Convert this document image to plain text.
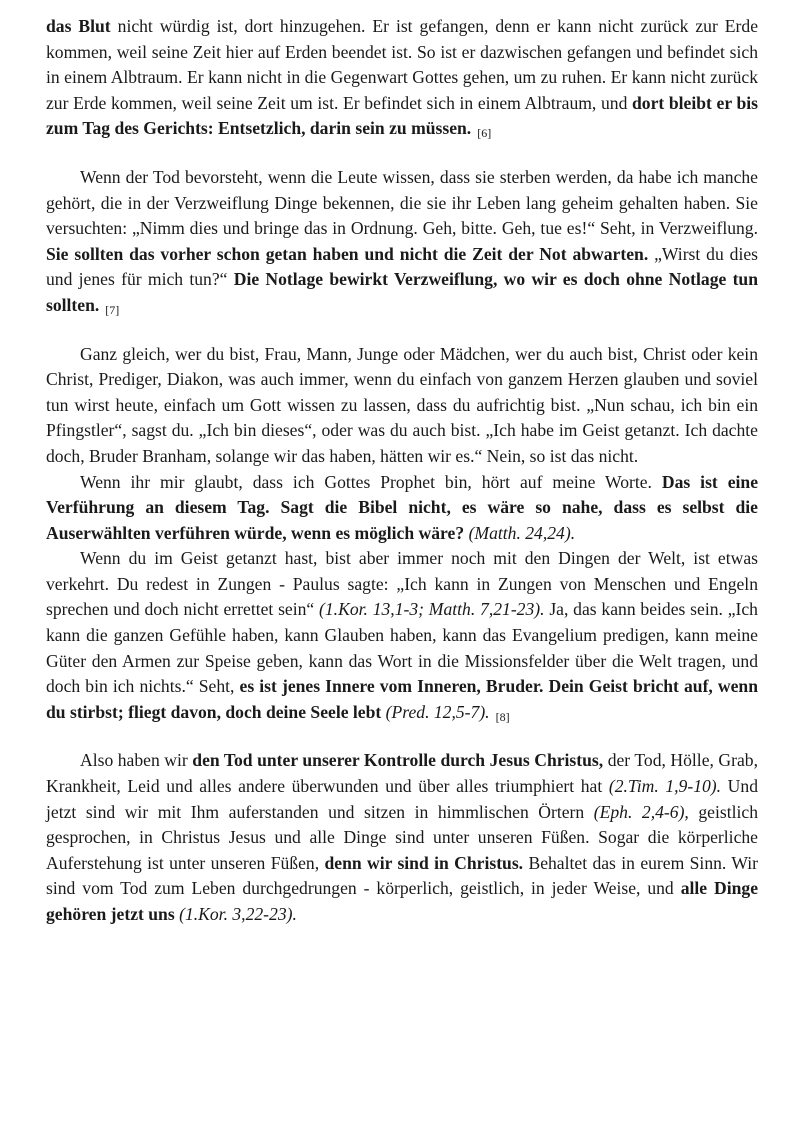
das Blut nicht würdig ist, dort hinzugehen. Er ist gefangen, denn er kann nicht zurück zur Erde kommen, weil seine Zeit hier auf Erden beendet ist. So ist er dazwischen gefangen und befindet sich in einem Albtraum. Er kann nicht in die Gegenwart Gottes gehen, um zu ruhen. Er kann nicht zurück zur Erde kommen, weil seine Zeit um ist. Er befindet sich in einem Albtraum, und dort bleibt er bis zum Tag des Gerichts: Entsetzlich, darin sein zu müssen. [6]

Wenn der Tod bevorsteht, wenn die Leute wissen, dass sie sterben werden, da habe ich manche gehört, die in der Verzweiflung Dinge bekennen, die sie ihr Leben lang geheim gehalten haben. Sie versuchten: „Nimm dies und bringe das in Ordnung. Geh, bitte. Geh, tue es!“ Seht, in Verzweiflung. Sie sollten das vorher schon getan haben und nicht die Zeit der Not abwarten. „Wirst du dies und jenes für mich tun?“ Die Notlage bewirkt Verzweiflung, wo wir es doch ohne Notlage tun sollten. [7]

Ganz gleich, wer du bist, Frau, Mann, Junge oder Mädchen, wer du auch bist, Christ oder kein Christ, Prediger, Diakon, was auch immer, wenn du einfach von ganzem Herzen glauben und soviel tun wirst heute, einfach um Gott wissen zu lassen, dass du aufrichtig bist. „Nun schau, ich bin ein Pfingstler“, sagst du. „Ich bin dieses“, oder was du auch bist. „Ich habe im Geist getanzt. Ich dachte doch, Bruder Branham, solange wir das haben, hätten wir es.“ Nein, so ist das nicht.

Wenn ihr mir glaubt, dass ich Gottes Prophet bin, hört auf meine Worte. Das ist eine Verführung an diesem Tag. Sagt die Bibel nicht, es wäre so nahe, dass es selbst die Auserwählten verführen würde, wenn es möglich wäre? (Matth. 24,24).

Wenn du im Geist getanzt hast, bist aber immer noch mit den Dingen der Welt, ist etwas verkehrt. Du redest in Zungen - Paulus sagte: „Ich kann in Zungen von Menschen und Engeln sprechen und doch nicht errettet sein“ (1.Kor. 13,1-3; Matth. 7,21-23). Ja, das kann beides sein. „Ich kann die ganzen Gefühle haben, kann Glauben haben, kann das Evangelium predigen, kann meine Güter den Armen zur Speise geben, kann das Wort in die Missionsfelder über die Welt tragen, und doch bin ich nichts.“ Seht, es ist jenes Innere vom Inneren, Bruder. Dein Geist bricht auf, wenn du stirbst; fliegt davon, doch deine Seele lebt (Pred. 12,5-7). [8]

Also haben wir den Tod unter unserer Kontrolle durch Jesus Christus, der Tod, Hölle, Grab, Krankheit, Leid und alles andere überwunden und über alles triumphiert hat (2.Tim. 1,9-10). Und jetzt sind wir mit Ihm auferstanden und sitzen in himmlischen Örtern (Eph. 2,4-6), geistlich gesprochen, in Christus Jesus und alle Dinge sind unter unseren Füßen. Sogar die körperliche Auferstehung ist unter unseren Füßen, denn wir sind in Christus. Behaltet das in eurem Sinn. Wir sind vom Tod zum Leben durchgedrungen - körperlich, geistlich, in jeder Weise, und alle Dinge gehören jetzt uns (1.Kor. 3,22-23).
